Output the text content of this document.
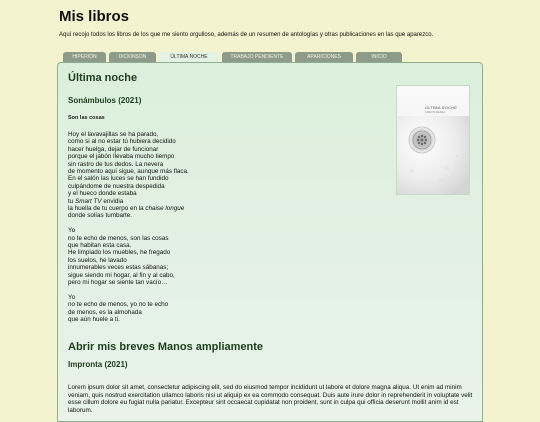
Mis libros
Aquí recojo todos los libros de los que me siento orgulloso, además de un resumen de antologías y otras publicaciones en las que aparezco.
HIPERIÓN	DICKINSON	ÚLTIMA NOCHE	TRABAJO PENDIENTE	APARICIONES	INICIO
Última noche
Sonámbulos (2021)
Son las cosas
Hoy el lavavajillas se ha parado,
como si al no estar tú hubiera decidido
hacer huelga, dejar de funcionar
porque el jabón llevaba mucho tiempo
sin rastro de tus dedos. La nevera
de momento aquí sigue, aunque más flaca.
En el salón las luces se han fundido
culpándome de nuestra despedida
y el hueco donde estaba
tu Smart TV envidia
la huella de tu cuerpo en la chaise longue
donde solías tumbarte.
Yo
no te echo de menos, son las cosas
que habitan esta casa.
He limpiado los muebles, he fregado
los suelos, he lavado
innumerables veces estas sábanas;
sigue siendo mi hogar, al fin y al cabo,
pero mi hogar se siente tan vacío…
Yo
no te echo de menos, yo no te echo
de menos, es la almohada
que aún huele a ti.
ÚLTIMA NOCHE
CARLOS MEANA
Abrir mis breves Manos ampliamente
Impronta (2021)

Lorem ipsum dolor sit amet, consectetur adipiscing elit, sed do eiusmod tempor incididunt ut labore et dolore magna aliqua. Ut enim ad minim veniam, quis nostrud exercitation ullamco laboris nisi ut aliquip ex ea commodo consequat. Duis aute irure dolor in reprehenderit in voluptate velit esse cillum dolore eu fugiat nulla pariatur. Excepteur sint occaecat cupidatat non proident, sunt in culpa qui officia deserunt mollit anim id est laborum.
